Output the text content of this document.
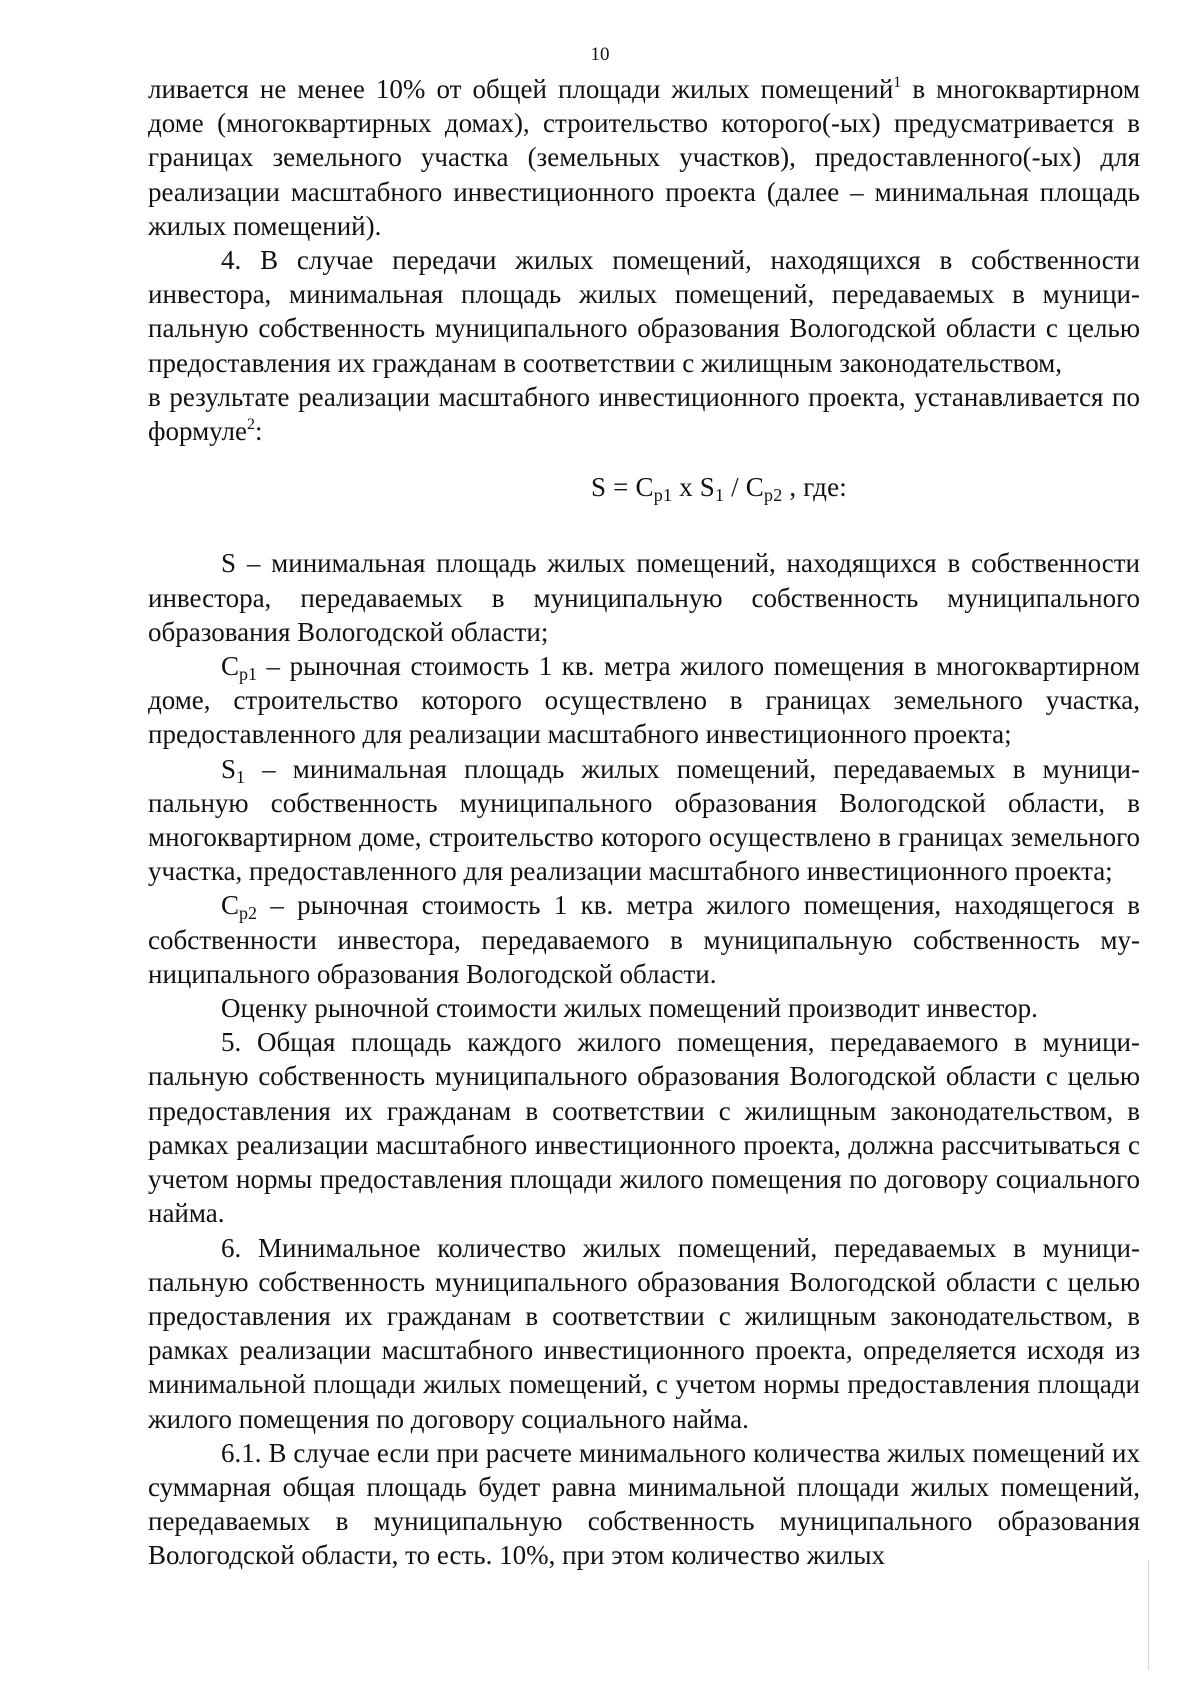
10

ливается не менее 10% от общей площади жилых помещений$^1$ в многоквартирном доме (многоквартирных домах), строительство которого(-ых) предусматривается в границах земельного участка (земельных участков), предоставленного(-ых) для реализации масштабного инвестиционного проекта (далее – минимальная площадь жилых помещений).

4. В случае передачи жилых помещений, находящихся в собственности инвестора, минимальная площадь жилых помещений, передаваемых в муниципальную собственность муниципального образования Вологодской области с целью предоставления их гражданам в соответствии с жилищным законодательством,

в результате реализации масштабного инвестиционного проекта, устанавливается по формуле$^2$:

$S = C_{p1}$ x $S_1 / C_{p2}$ , где:

S – минимальная площадь жилых помещений, находящихся в собственности инвестора, передаваемых в муниципальную собственность муниципального образования Вологодской области;

Cp1 – рыночная стоимость 1 кв. метра жилого помещения в многоквартирном доме, строительство которого осуществлено в границах земельного участка, предоставленного для реализации масштабного инвестиционного проекта;

S1 – минимальная площадь жилых помещений, передаваемых в муниципальную собственность муниципального образования Вологодской области, в многоквартирном доме, строительство которого осуществлено в границах земельного участка, предоставленного для реализации масштабного инвестиционного проекта;

Cp2 – рыночная стоимость 1 кв. метра жилого помещения, находящегося в собственности инвестора, передаваемого в муниципальную собственность муниципального образования Вологодской области.

Оценку рыночной стоимости жилых помещений производит инвестор.

5. Общая площадь каждого жилого помещения, передаваемого в муниципальную собственность муниципального образования Вологодской области с целью предоставления их гражданам в соответствии с жилищным законодательством, в рамках реализации масштабного инвестиционного проекта, должна рассчитываться с учетом нормы предоставления площади жилого помещения по договору социального найма.

6. Минимальное количество жилых помещений, передаваемых в муниципальную собственность муниципального образования Вологодской области с целью предоставления их гражданам в соответствии с жилищным законодательством, в рамках реализации масштабного инвестиционного проекта, определяется исходя из минимальной площади жилых помещений, с учетом нормы предоставления площади жилого помещения по договору социального найма.

6.1. В случае если при расчете минимального количества жилых помещений их суммарная общая площадь будет равна минимальной площади жилых помещений, передаваемых в муниципальную собственность муниципального образования Вологодской области, то есть. 10%, при этом количество жилых
